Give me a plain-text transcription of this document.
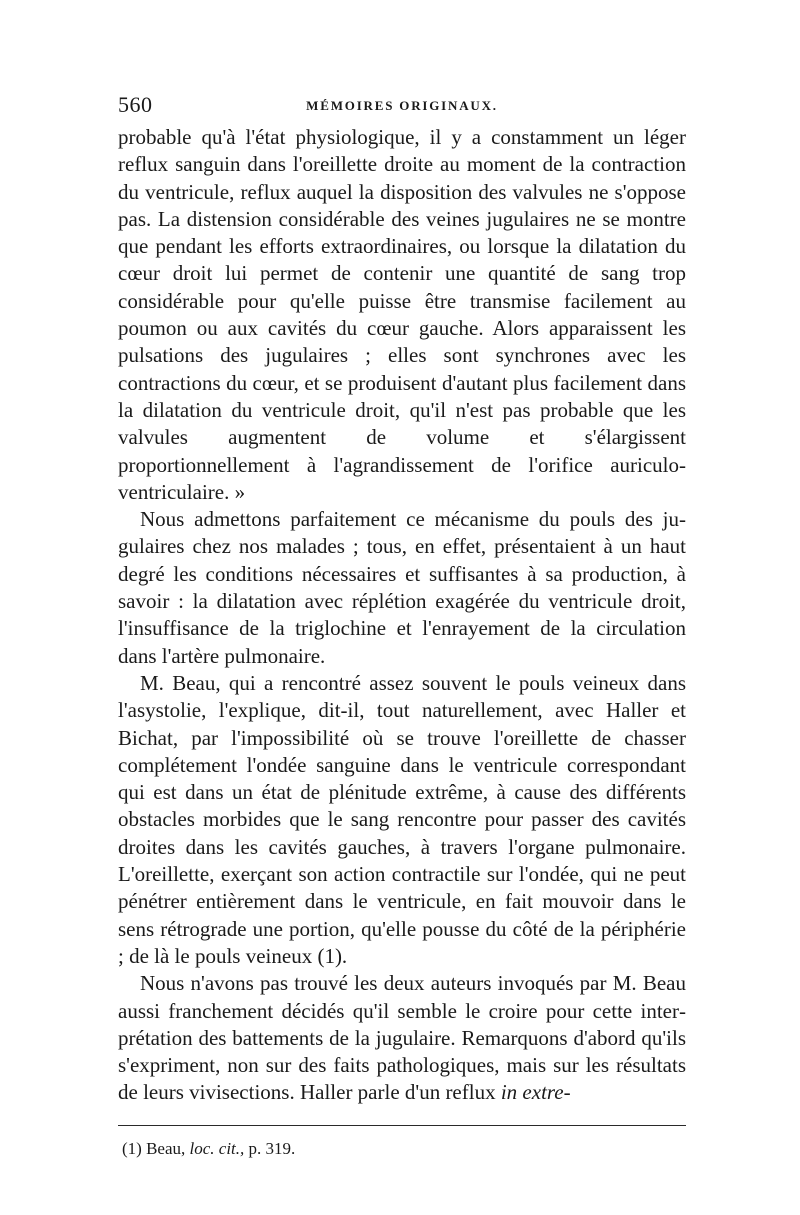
560	MÉMOIRES ORIGINAUX.

probable qu'à l'état physiologique, il y a constamment un léger reflux sanguin dans l'oreillette droite au moment de la contraction du ventricule, reflux auquel la disposition des valvules ne s'oppose pas. La distension considérable des veines jugulaires ne se montre que pendant les efforts extraordinaires, ou lorsque la dilatation du cœur droit lui permet de contenir une quantité de sang trop considérable pour qu'elle puisse être transmise facilement au poumon ou aux cavités du cœur gauche. Alors apparaissent les pulsations des jugulaires ; elles sont synchrones avec les contractions du cœur, et se produisent d'autant plus facilement dans la dilatation du ventricule droit, qu'il n'est pas probable que les valvules augmentent de volume et s'élargissent proportionnellement à l'agrandissement de l'orifice auriculo-ventriculaire. »

Nous admettons parfaitement ce mécanisme du pouls des jugulaires chez nos malades ; tous, en effet, présentaient à un haut degré les conditions nécessaires et suffisantes à sa production, à savoir : la dilatation avec réplétion exagérée du ventricule droit, l'insuffisance de la triglochine et l'enrayement de la circulation dans l'artère pulmonaire.

M. Beau, qui a rencontré assez souvent le pouls veineux dans l'asystolie, l'explique, dit-il, tout naturellement, avec Haller et Bichat, par l'impossibilité où se trouve l'oreillette de chasser complétement l'ondée sanguine dans le ventricule correspondant qui est dans un état de plénitude extrême, à cause des différents obstacles morbides que le sang rencontre pour passer des cavités droites dans les cavités gauches, à travers l'organe pulmonaire. L'oreillette, exerçant son action contractile sur l'ondée, qui ne peut pénétrer entièrement dans le ventricule, en fait mouvoir dans le sens rétrograde une portion, qu'elle pousse du côté de la périphérie ; de là le pouls veineux (1).

Nous n'avons pas trouvé les deux auteurs invoqués par M. Beau aussi franchement décidés qu'il semble le croire pour cette interprétation des battements de la jugulaire. Remarquons d'abord qu'ils s'expriment, non sur des faits pathologiques, mais sur les résultats de leurs vivisections. Haller parle d'un reflux in extre-

(1) Beau, loc. cit., p. 319.
